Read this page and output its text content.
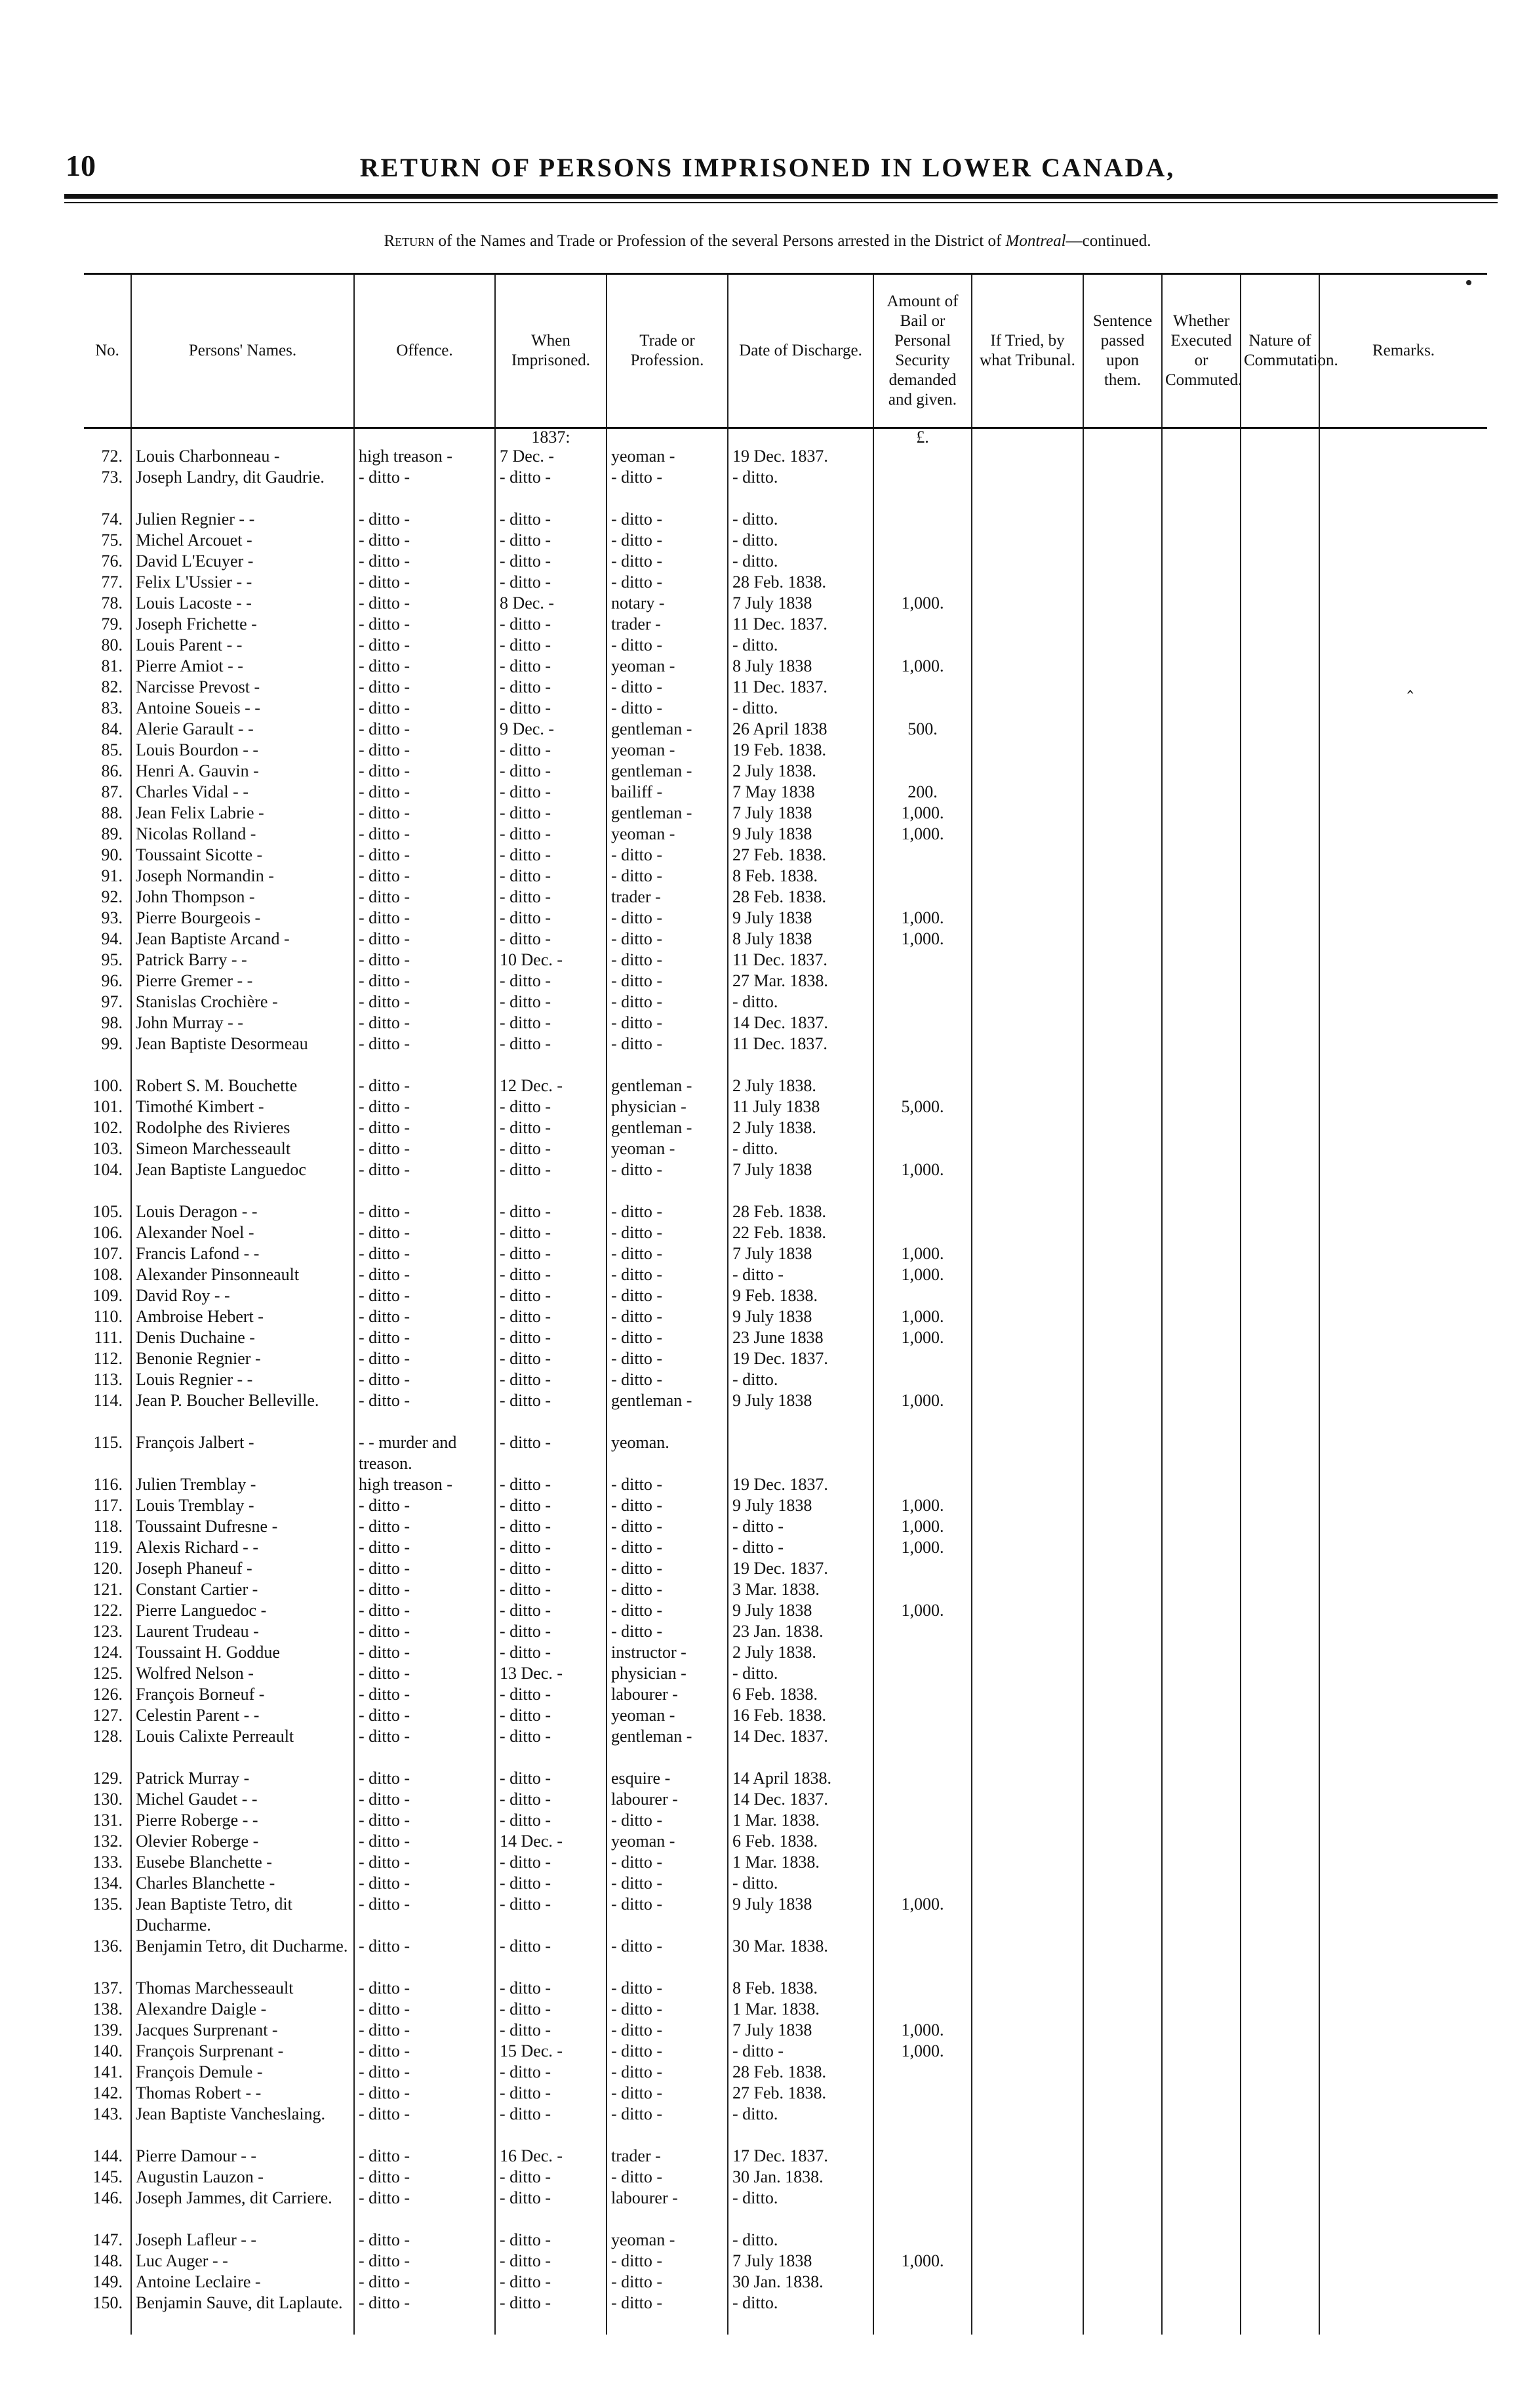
10	RETURN OF PERSONS IMPRISONED IN LOWER CANADA,
Return of the Names and Trade or Profession of the several Persons arrested in the District of Montreal—continued.
‸
No.	Persons' Names.	Offence.	When Imprisoned.	Trade or Profession.	Date of Discharge.	Amount of Bail or Personal Security demanded and given.	If Tried, by what Tribunal.	Sentence passed upon them.	Whether Executed or Commuted.	Nature of Commutation.	Remarks.
			1837:			£.					
72.	Louis Charbonneau -	high treason -	7 Dec. -	yeoman -	19 Dec. 1837.						
73.	Joseph Landry, dit Gaudrie.	- ditto -	- ditto -	- ditto -	- ditto.						
74.	Julien Regnier - -	- ditto -	- ditto -	- ditto -	- ditto.						
75.	Michel Arcouet -	- ditto -	- ditto -	- ditto -	- ditto.						
76.	David L'Ecuyer -	- ditto -	- ditto -	- ditto -	- ditto.						
77.	Felix L'Ussier - -	- ditto -	- ditto -	- ditto -	28 Feb. 1838.						
78.	Louis Lacoste - -	- ditto -	8 Dec. -	notary -	7 July 1838	1,000.					
79.	Joseph Frichette -	- ditto -	- ditto -	trader -	11 Dec. 1837.						
80.	Louis Parent - -	- ditto -	- ditto -	- ditto -	- ditto.						
81.	Pierre Amiot - -	- ditto -	- ditto -	yeoman -	8 July 1838	1,000.					
82.	Narcisse Prevost -	- ditto -	- ditto -	- ditto -	11 Dec. 1837.						
83.	Antoine Soueis - -	- ditto -	- ditto -	- ditto -	- ditto.						
84.	Alerie Garault - -	- ditto -	9 Dec. -	gentleman -	26 April 1838	500.					
85.	Louis Bourdon - -	- ditto -	- ditto -	yeoman -	19 Feb. 1838.						
86.	Henri A. Gauvin -	- ditto -	- ditto -	gentleman -	2 July 1838.						
87.	Charles Vidal - -	- ditto -	- ditto -	bailiff -	7 May 1838	200.					
88.	Jean Felix Labrie -	- ditto -	- ditto -	gentleman -	7 July 1838	1,000.					
89.	Nicolas Rolland -	- ditto -	- ditto -	yeoman -	9 July 1838	1,000.					
90.	Toussaint Sicotte -	- ditto -	- ditto -	- ditto -	27 Feb. 1838.						
91.	Joseph Normandin -	- ditto -	- ditto -	- ditto -	8 Feb. 1838.						
92.	John Thompson -	- ditto -	- ditto -	trader -	28 Feb. 1838.						
93.	Pierre Bourgeois -	- ditto -	- ditto -	- ditto -	9 July 1838	1,000.					
94.	Jean Baptiste Arcand -	- ditto -	- ditto -	- ditto -	8 July 1838	1,000.					
95.	Patrick Barry - -	- ditto -	10 Dec. -	- ditto -	11 Dec. 1837.						
96.	Pierre Gremer - -	- ditto -	- ditto -	- ditto -	27 Mar. 1838.						
97.	Stanislas Crochière -	- ditto -	- ditto -	- ditto -	- ditto.						
98.	John Murray - -	- ditto -	- ditto -	- ditto -	14 Dec. 1837.						
99.	Jean Baptiste Desormeau	- ditto -	- ditto -	- ditto -	11 Dec. 1837.						
100.	Robert S. M. Bouchette	- ditto -	12 Dec. -	gentleman -	2 July 1838.						
101.	Timothé Kimbert -	- ditto -	- ditto -	physician -	11 July 1838	5,000.					
102.	Rodolphe des Rivieres	- ditto -	- ditto -	gentleman -	2 July 1838.						
103.	Simeon Marchesseault	- ditto -	- ditto -	yeoman -	- ditto.						
104.	Jean Baptiste Languedoc	- ditto -	- ditto -	- ditto -	7 July 1838	1,000.					
105.	Louis Deragon - -	- ditto -	- ditto -	- ditto -	28 Feb. 1838.						
106.	Alexander Noel -	- ditto -	- ditto -	- ditto -	22 Feb. 1838.						
107.	Francis Lafond - -	- ditto -	- ditto -	- ditto -	7 July 1838	1,000.					
108.	Alexander Pinsonneault	- ditto -	- ditto -	- ditto -	- ditto -	1,000.					
109.	David Roy - -	- ditto -	- ditto -	- ditto -	9 Feb. 1838.						
110.	Ambroise Hebert -	- ditto -	- ditto -	- ditto -	9 July 1838	1,000.					
111.	Denis Duchaine -	- ditto -	- ditto -	- ditto -	23 June 1838	1,000.					
112.	Benonie Regnier -	- ditto -	- ditto -	- ditto -	19 Dec. 1837.						
113.	Louis Regnier - -	- ditto -	- ditto -	- ditto -	- ditto.						
114.	Jean P. Boucher Belleville.	- ditto -	- ditto -	gentleman -	9 July 1838	1,000.					
115.	François Jalbert -	- - murder and treason.	- ditto -	yeoman.							
116.	Julien Tremblay -	high treason -	- ditto -	- ditto -	19 Dec. 1837.						
117.	Louis Tremblay -	- ditto -	- ditto -	- ditto -	9 July 1838	1,000.					
118.	Toussaint Dufresne -	- ditto -	- ditto -	- ditto -	- ditto -	1,000.					
119.	Alexis Richard - -	- ditto -	- ditto -	- ditto -	- ditto -	1,000.					
120.	Joseph Phaneuf -	- ditto -	- ditto -	- ditto -	19 Dec. 1837.						
121.	Constant Cartier -	- ditto -	- ditto -	- ditto -	3 Mar. 1838.						
122.	Pierre Languedoc -	- ditto -	- ditto -	- ditto -	9 July 1838	1,000.					
123.	Laurent Trudeau -	- ditto -	- ditto -	- ditto -	23 Jan. 1838.						
124.	Toussaint H. Goddue	- ditto -	- ditto -	instructor -	2 July 1838.						
125.	Wolfred Nelson -	- ditto -	13 Dec. -	physician -	- ditto.						
126.	François Borneuf -	- ditto -	- ditto -	labourer -	6 Feb. 1838.						
127.	Celestin Parent - -	- ditto -	- ditto -	yeoman -	16 Feb. 1838.						
128.	Louis Calixte Perreault	- ditto -	- ditto -	gentleman -	14 Dec. 1837.						
129.	Patrick Murray -	- ditto -	- ditto -	esquire -	14 April 1838.						
130.	Michel Gaudet - -	- ditto -	- ditto -	labourer -	14 Dec. 1837.						
131.	Pierre Roberge - -	- ditto -	- ditto -	- ditto -	1 Mar. 1838.						
132.	Olevier Roberge -	- ditto -	14 Dec. -	yeoman -	6 Feb. 1838.						
133.	Eusebe Blanchette -	- ditto -	- ditto -	- ditto -	1 Mar. 1838.						
134.	Charles Blanchette -	- ditto -	- ditto -	- ditto -	- ditto.						
135.	Jean Baptiste Tetro, dit Ducharme.	- ditto -	- ditto -	- ditto -	9 July 1838	1,000.					
136.	Benjamin Tetro, dit Ducharme.	- ditto -	- ditto -	- ditto -	30 Mar. 1838.						
137.	Thomas Marchesseault	- ditto -	- ditto -	- ditto -	8 Feb. 1838.						
138.	Alexandre Daigle -	- ditto -	- ditto -	- ditto -	1 Mar. 1838.						
139.	Jacques Surprenant -	- ditto -	- ditto -	- ditto -	7 July 1838	1,000.					
140.	François Surprenant -	- ditto -	15 Dec. -	- ditto -	- ditto -	1,000.					
141.	François Demule -	- ditto -	- ditto -	- ditto -	28 Feb. 1838.						
142.	Thomas Robert - -	- ditto -	- ditto -	- ditto -	27 Feb. 1838.						
143.	Jean Baptiste Vancheslaing.	- ditto -	- ditto -	- ditto -	- ditto.						
144.	Pierre Damour - -	- ditto -	16 Dec. -	trader -	17 Dec. 1837.						
145.	Augustin Lauzon -	- ditto -	- ditto -	- ditto -	30 Jan. 1838.						
146.	Joseph Jammes, dit Carriere.	- ditto -	- ditto -	labourer -	- ditto.						
147.	Joseph Lafleur - -	- ditto -	- ditto -	yeoman -	- ditto.						
148.	Luc Auger - -	- ditto -	- ditto -	- ditto -	7 July 1838	1,000.					
149.	Antoine Leclaire -	- ditto -	- ditto -	- ditto -	30 Jan. 1838.						
150.	Benjamin Sauve, dit Laplaute.	- ditto -	- ditto -	- ditto -	- ditto.						
